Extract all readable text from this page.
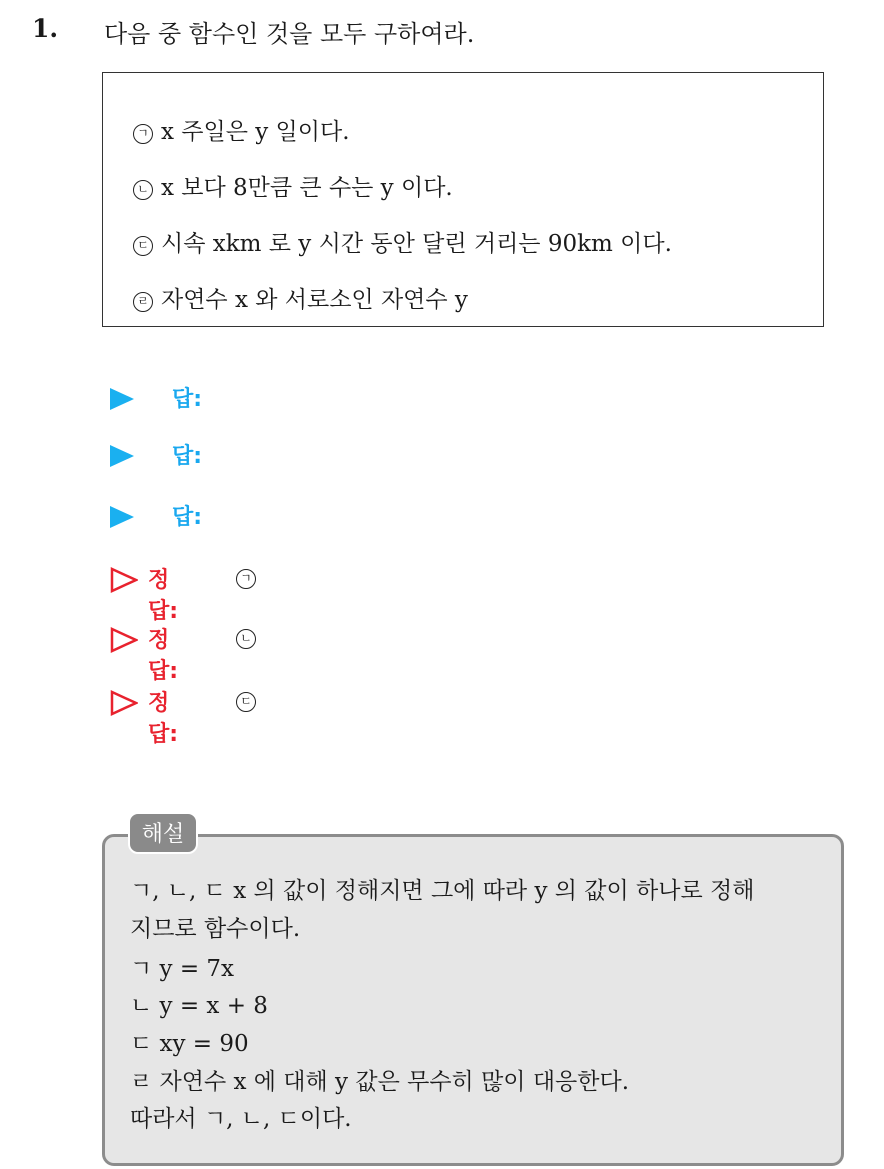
1. 다음 중 함수인 것을 모두 구하여라.
ㄱ x 주일은 y 일이다.
ㄴ x 보다 8만큼 큰 수는 y 이다.
ㄷ 시속 xkm 로 y 시간 동안 달린 거리는 90km 이다.
ㄹ 자연수 x 와 서로소인 자연수 y
답:
답:
답:
정답:
ㄱ
정답:
ㄴ
정답:
ㄷ
해설
ㄱ, ㄴ, ㄷ x 의 값이 정해지면 그에 따라 y 의 값이 하나로 정해
지므로 함수이다.
ㄱ y = 7x
ㄴ y = x + 8
ㄷ xy = 90
ㄹ 자연수 x 에 대해 y 값은 무수히 많이 대응한다.
따라서 ㄱ, ㄴ, ㄷ이다.
